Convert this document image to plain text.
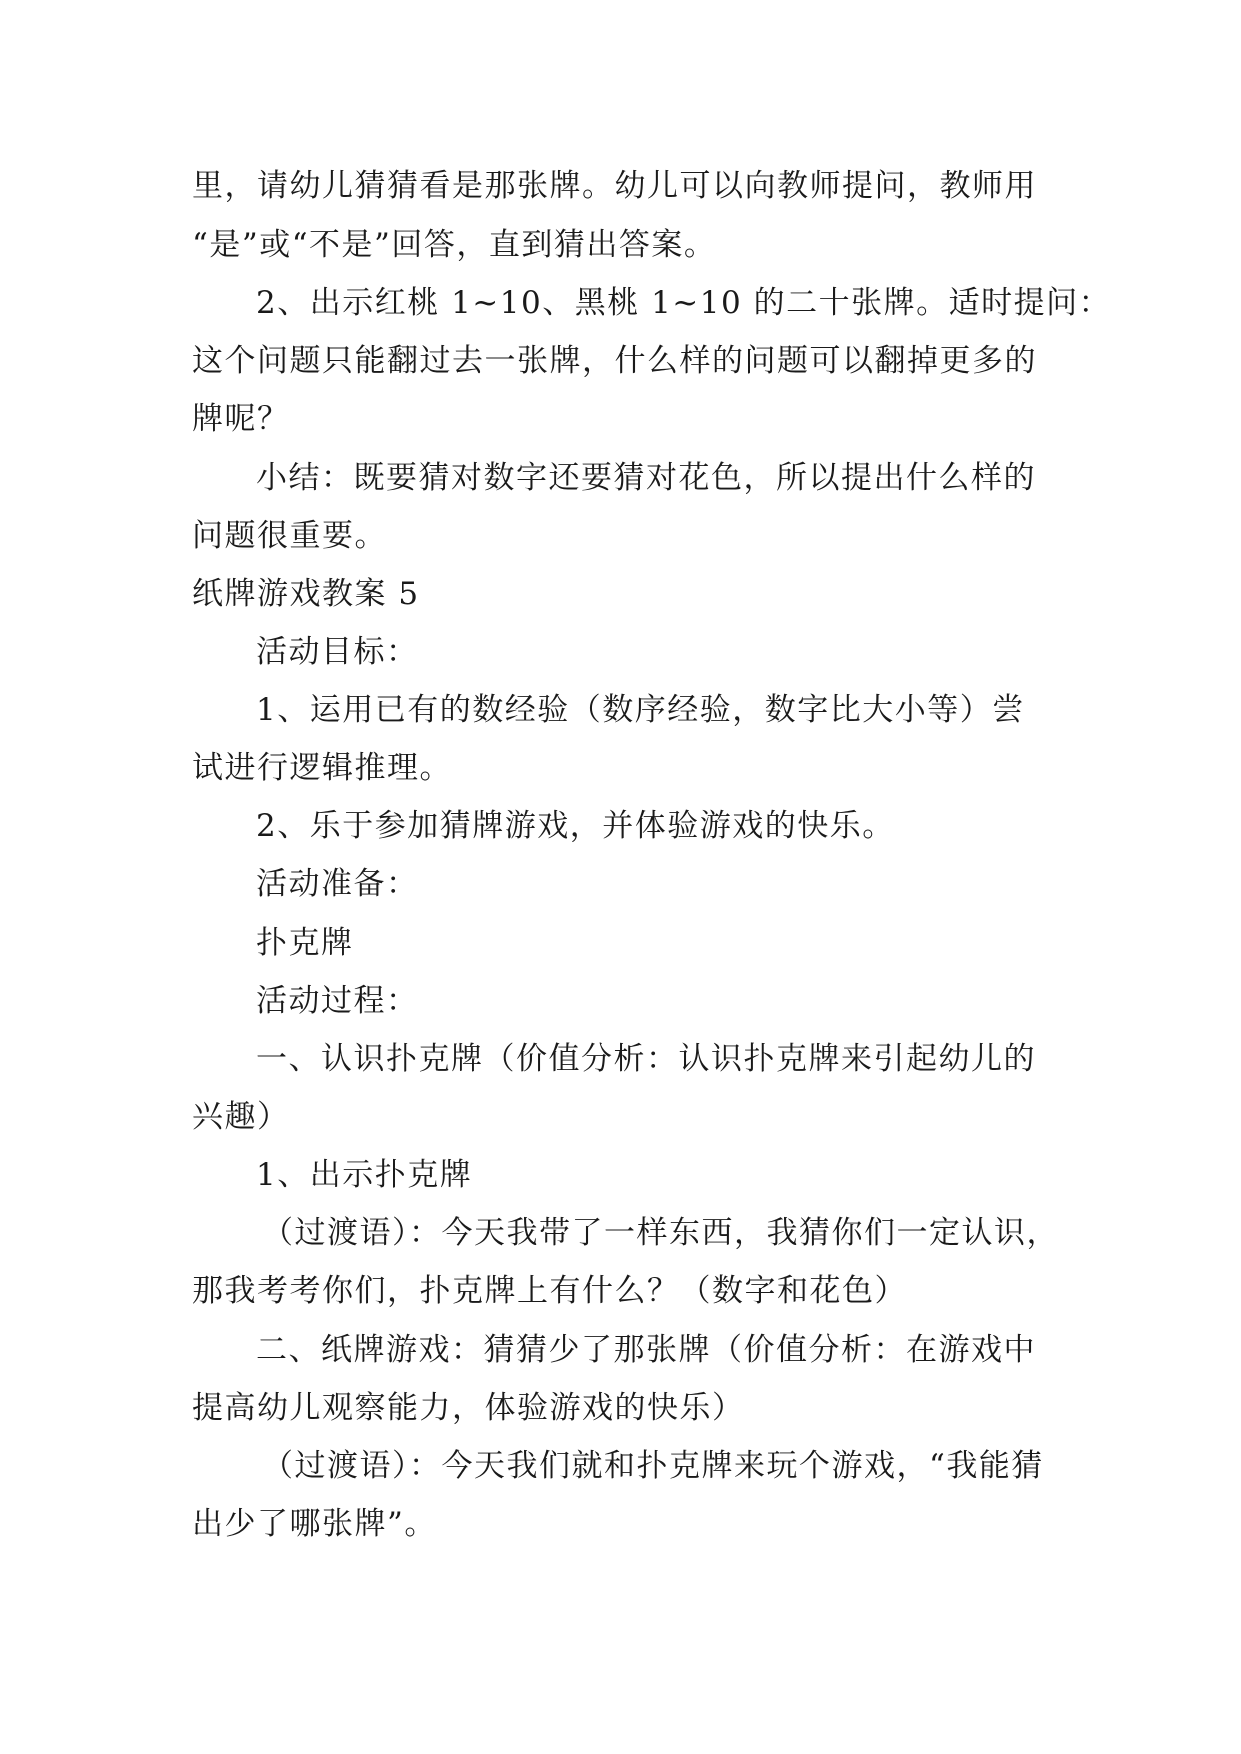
里，请幼儿猜猜看是那张牌。幼儿可以向教师提问，教师用
“是”或“不是”回答，直到猜出答案。
2、出示红桃 1~10、黑桃 1~10 的二十张牌。适时提问：
这个问题只能翻过去一张牌，什么样的问题可以翻掉更多的
牌呢？
小结：既要猜对数字还要猜对花色，所以提出什么样的
问题很重要。
纸牌游戏教案 5
活动目标：
1、运用已有的数经验（数序经验，数字比大小等）尝
试进行逻辑推理。
2、乐于参加猜牌游戏，并体验游戏的快乐。
活动准备：
扑克牌
活动过程：
一、认识扑克牌（价值分析：认识扑克牌来引起幼儿的
兴趣）
1、出示扑克牌
（过渡语）：今天我带了一样东西，我猜你们一定认识，
那我考考你们，扑克牌上有什么？（数字和花色）
二、纸牌游戏：猜猜少了那张牌（价值分析：在游戏中
提高幼儿观察能力，体验游戏的快乐）
（过渡语）：今天我们就和扑克牌来玩个游戏，“我能猜
出少了哪张牌”。
